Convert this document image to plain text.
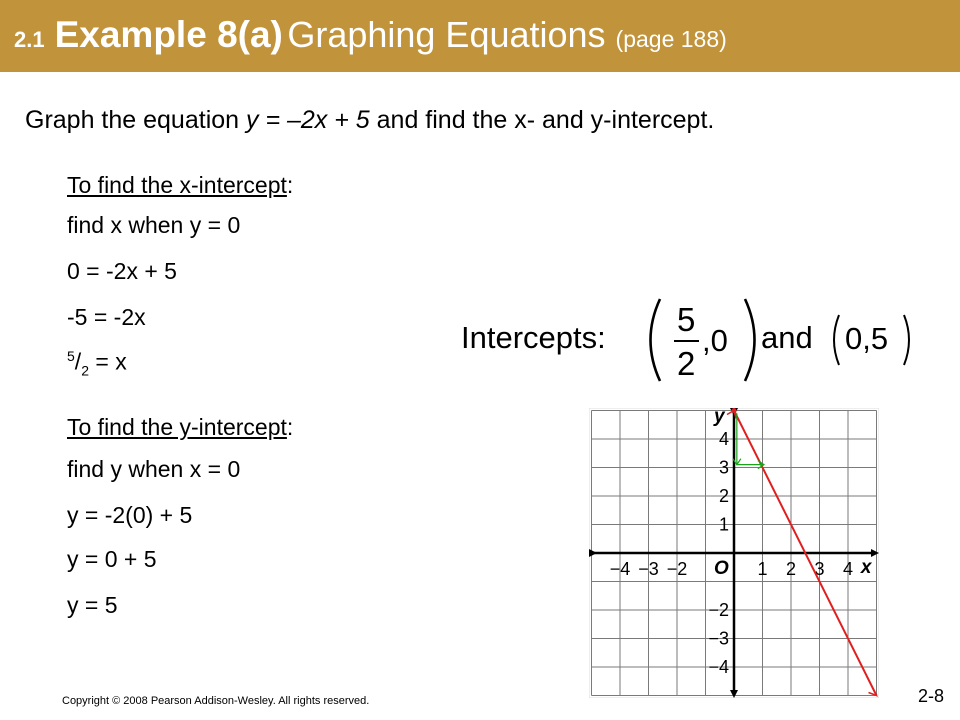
2.1 Example 8(a) Graphing Equations (page 188)
Graph the equation y = –2x + 5 and find the x- and y-intercept.
To find the x-intercept:
find x when y = 0
0 = -2x + 5
-5 = -2x
$^5/_2 = x$
To find the y-intercept:
find y when x = 0
y = -2(0) + 5
y = 0 + 5
y = 5
Intercepts: 5
2
,0 and 0,5
−4 −3 −2	1 2 3 4
4
3
2
1
−2
−3
−4
O	x
y
Copyright © 2008 Pearson Addison-Wesley. All rights reserved.	2-8
